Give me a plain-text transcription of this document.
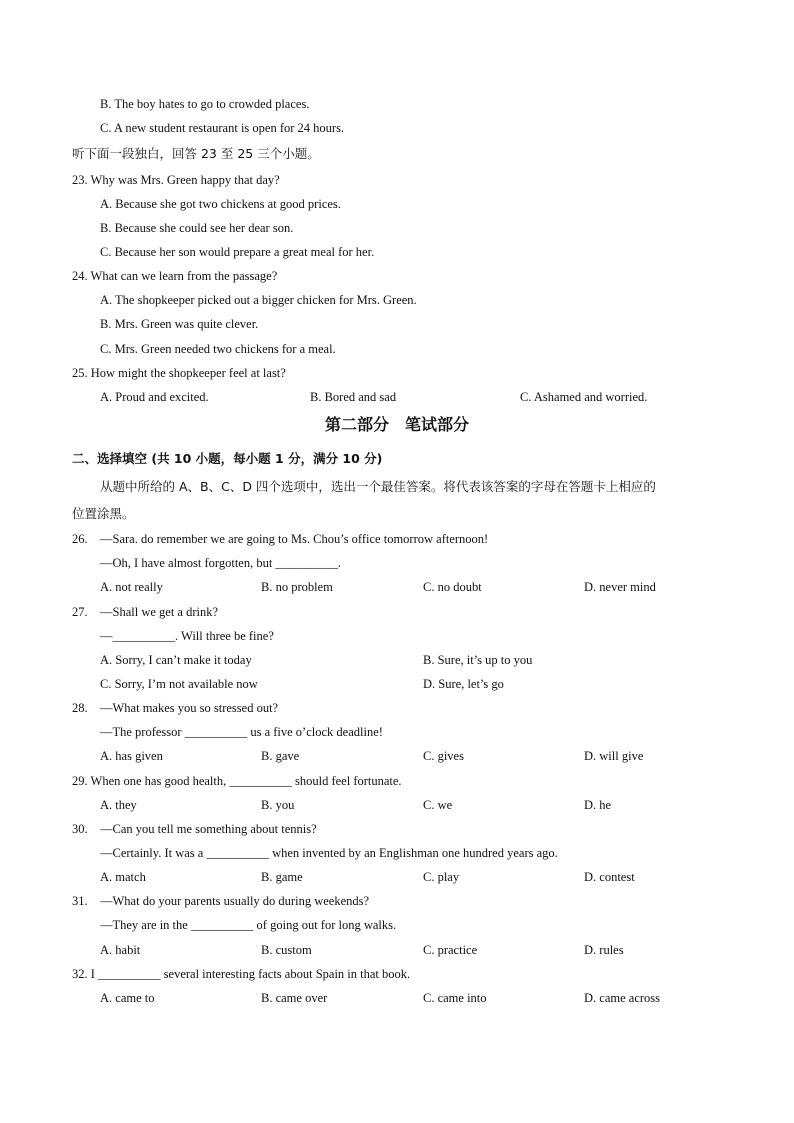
B. The boy hates to go to crowded places.
C. A new student restaurant is open for 24 hours.
听下面一段独白，回答 23 至 25 三个小题。
23. Why was Mrs. Green happy that day?
A. Because she got two chickens at good prices.
B. Because she could see her dear son.
C. Because her son would prepare a great meal for her.
24. What can we learn from the passage?
A. The shopkeeper picked out a bigger chicken for Mrs. Green.
B. Mrs. Green was quite clever.
C. Mrs. Green needed two chickens for a meal.
25. How might the shopkeeper feel at last?
A. Proud and excited.	B. Bored and sad	C. Ashamed and worried.
第二部分　笔试部分
二、选择填空 (共 10 小题，每小题 1 分，满分 10 分)
从题中所给的 A、B、C、D 四个选项中，选出一个最佳答案。将代表该答案的字母在答题卡上相应的
位置涂黑。
26. —Sara. do remember we are going to Ms. Chou’s office tomorrow afternoon!
—Oh, I have almost forgotten, but __________.
A. not really	B. no problem	C. no doubt	D. never mind
27. —Shall we get a drink?
—__________. Will three be fine?
A. Sorry, I can’t make it today	B. Sure, it’s up to you
C. Sorry, I’m not available now	D. Sure, let’s go
28. —What makes you so stressed out?
—The professor __________ us a five o’clock deadline!
A. has given	B. gave	C. gives	D. will give
29. When one has good health, __________ should feel fortunate.
A. they	B. you	C. we	D. he
30. —Can you tell me something about tennis?
—Certainly. It was a __________ when invented by an Englishman one hundred years ago.
A. match	B. game	C. play	D. contest
31. —What do your parents usually do during weekends?
—They are in the __________ of going out for long walks.
A. habit	B. custom	C. practice	D. rules
32. I __________ several interesting facts about Spain in that book.
A. came to	B. came over	C. came into	D. came across
